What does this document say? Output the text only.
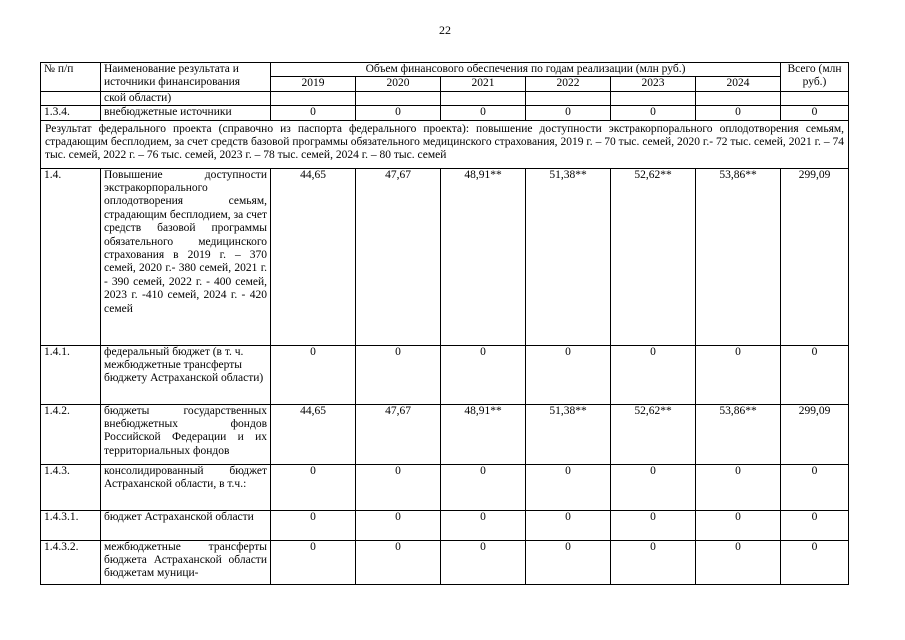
22
№ п/п	Наименование результата и источники финансирования	Объем финансового обеспечения по годам реализации (млн руб.)						Всего (млн руб.)
		2019	2020	2021	2022	2023	2024	
	ской области)							
1.3.4.	внебюджетные источники	0	0	0	0	0	0	0
Результат федерального проекта (справочно из паспорта федерального проекта): повышение доступности экстракорпорального оплодотворения семьям, страдающим бесплодием, за счет средств базовой программы обязательного медицинского страхования, 2019 г. – 70 тыс. семей, 2020 г.- 72 тыс. семей, 2021 г. – 74 тыс. семей, 2022 г. – 76 тыс. семей, 2023 г. – 78 тыс. семей, 2024 г. – 80 тыс. семей								
1.4.	Повышение доступности экстракорпорального оплодотворения семьям, страдающим бесплодием, за счет средств базовой программы обязательного медицинского страхования в 2019 г. – 370 семей, 2020 г.- 380 семей, 2021 г. - 390 семей, 2022 г. - 400 семей, 2023 г. -410 семей, 2024 г. - 420 семей	44,65	47,67	48,91**	51,38**	52,62**	53,86**	299,09
1.4.1.	федеральный бюджет (в т. ч. межбюджетные трансферты бюджету Астраханской области)	0	0	0	0	0	0	0
1.4.2.	бюджеты государственных внебюджетных фондов Российской Федерации и их территориальных фондов	44,65	47,67	48,91**	51,38**	52,62**	53,86**	299,09
1.4.3.	консолидированный бюджет Астраханской области, в т.ч.:	0	0	0	0	0	0	0
1.4.3.1.	бюджет Астраханской области	0	0	0	0	0	0	0
1.4.3.2.	межбюджетные трансферты бюджета Астраханской области бюджетам муници-	0	0	0	0	0	0	0
